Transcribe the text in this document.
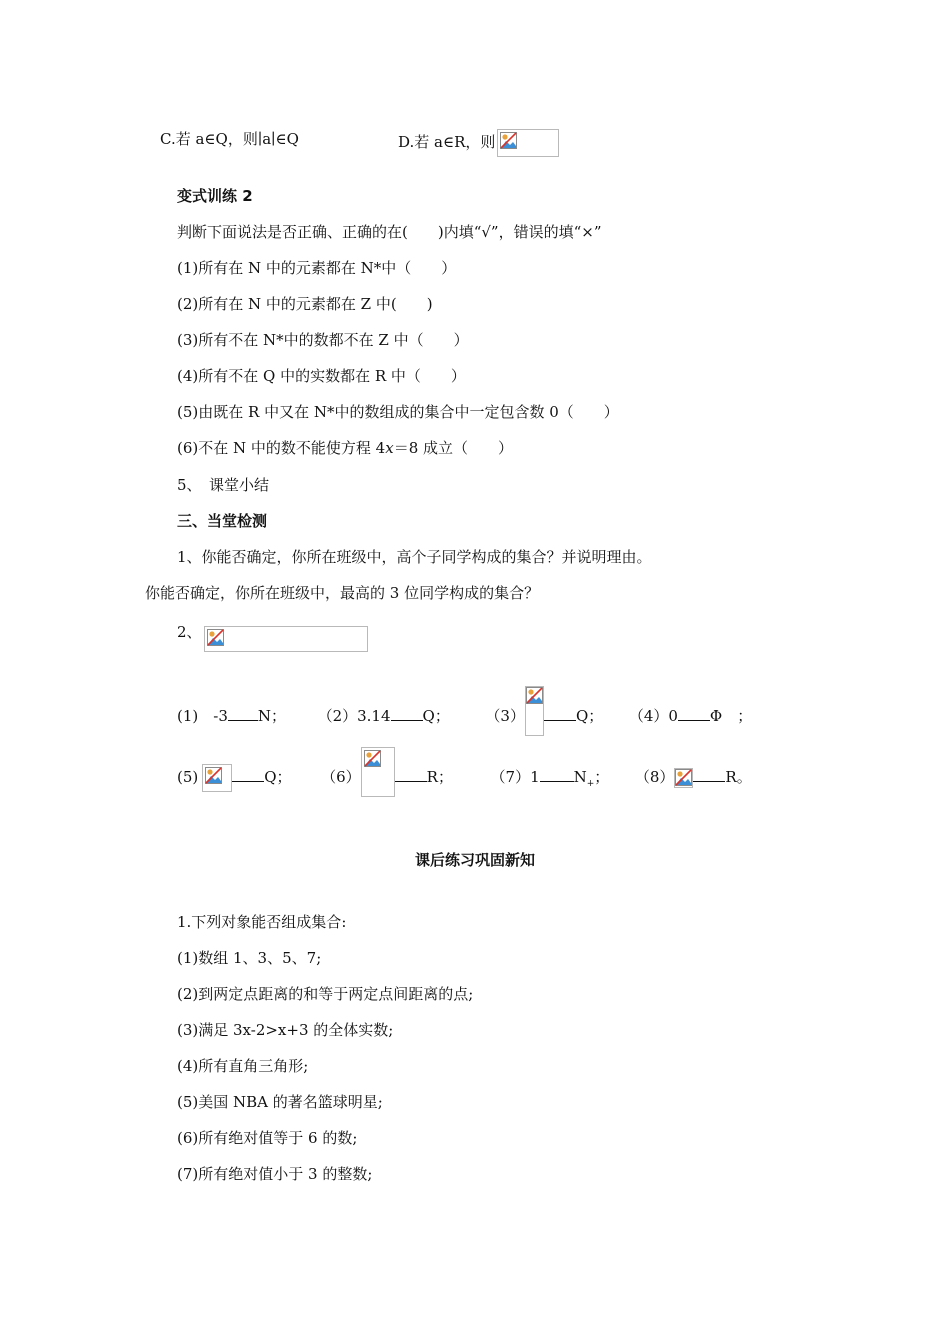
C.若 a∈Q，则∣a∣∈Q	D.若 a∈R，则
变式训练 2
判断下面说法是否正确、正确的在(　　)内填“√”，错误的填“×”
(1)所有在 N 中的元素都在 N*中（　　）
(2)所有在 N 中的元素都在 Z 中(　　)
(3)所有不在 N*中的数都不在 Z 中（　　）
(4)所有不在 Q 中的实数都在 R 中（　　）
(5)由既在 R 中又在 N*中的数组成的集合中一定包含数 0（　　）
(6)不在 N 中的数不能使方程 4x＝8 成立（　　）
5、　课堂小结
三、当堂检测
1、你能否确定，你所在班级中，高个子同学构成的集合？并说明理由。
你能否确定，你所在班级中，最高的 3 位同学构成的集合？
2、
(1)　-3 N； （2）3.14 Q； （3）	Q； （4）0 Φ　；
(5)	Q； （6）	R；	（7）1 $N_+$； （8）	R。
课后练习巩固新知
1.下列对象能否组成集合:
(1)数组 1、3、5、7;
(2)到两定点距离的和等于两定点间距离的点;
(3)满足 3x-2>x+3 的全体实数;
(4)所有直角三角形;
(5)美国 NBA 的著名篮球明星;
(6)所有绝对值等于 6 的数;
(7)所有绝对值小于 3 的整数;
